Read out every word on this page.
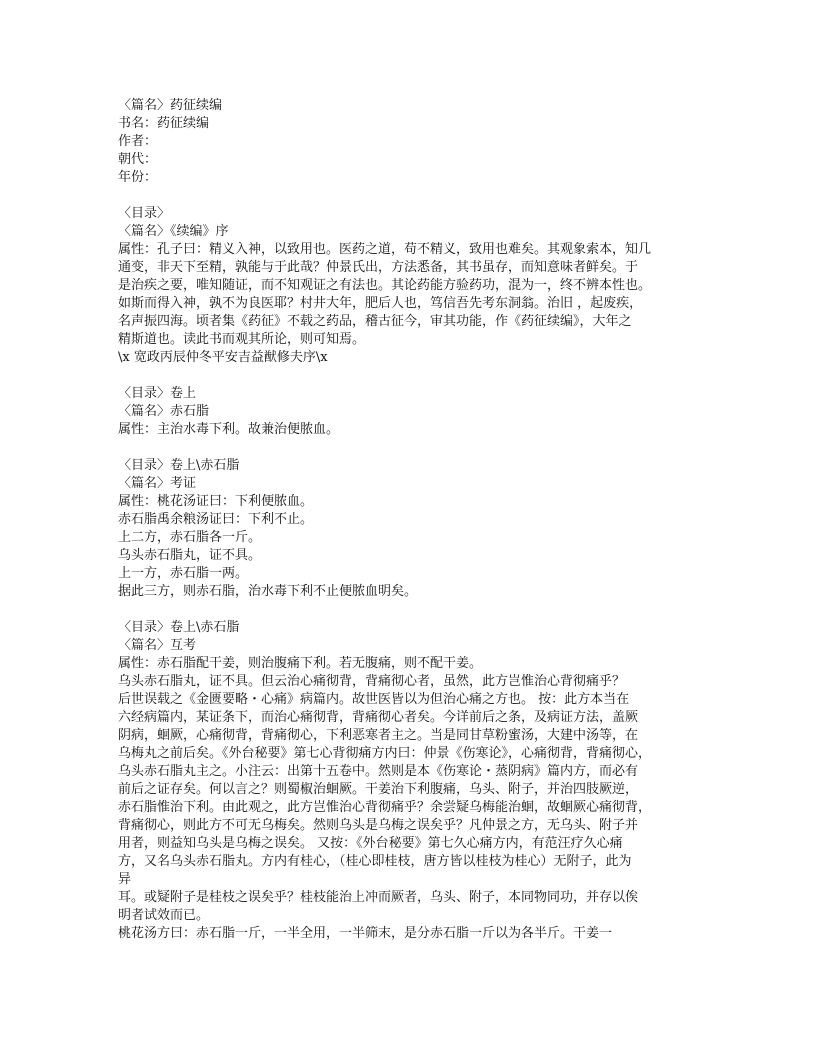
〈篇名〉药征续编
书名：药征续编
作者：
朝代：
年份：
〈目录〉
〈篇名〉《续编》序
属性：孔子曰：精义入神，以致用也。医药之道，苟不精义，致用也难矣。其观象索本，知几
通变，非天下至精，孰能与于此哉？仲景氏出，方法悉备，其书虽存，而知意味者鲜矣。于
是治疾之要，唯知随证，而不知观证之有法也。其论药能方验药功，混为一，终不辨本性也。
如斯而得入神，孰不为良医耶？村井大年，肥后人也，笃信吾先考东洞翁。治旧 ，起废疾，
名声振四海。顷者集《药征》不载之药品，稽古征今，审其功能，作《药征续编》，大年之
精斯道也。读此书而观其所论，则可知焉。
\x 宽政丙辰仲冬平安吉益猷修夫序\x
〈目录〉卷上
〈篇名〉赤石脂
属性：主治水毒下利。故兼治便脓血。
〈目录〉卷上\赤石脂
〈篇名〉考证
属性：桃花汤证曰：下利便脓血。
赤石脂禹余粮汤证曰：下利不止。
上二方，赤石脂各一斤。
乌头赤石脂丸，证不具。
上一方，赤石脂一两。
据此三方，则赤石脂，治水毒下利不止便脓血明矣。
〈目录〉卷上\赤石脂
〈篇名〉互考
属性：赤石脂配干姜，则治腹痛下利。若无腹痛，则不配干姜。
乌头赤石脂丸，证不具。但云治心痛彻背，背痛彻心者，虽然，此方岂惟治心背彻痛乎？
后世误载之《金匮要略・心痛》病篇内。故世医皆以为但治心痛之方也。 按：此方本当在
六经病篇内，某证条下，而治心痛彻背，背痛彻心者矣。今详前后之条，及病证方法，盖厥
阴病，蛔厥，心痛彻背，背痛彻心，下利恶寒者主之。当是同甘草粉蜜汤，大建中汤等，在
乌梅丸之前后矣。《外台秘要》第七心背彻痛方内曰：仲景《伤寒论》，心痛彻背，背痛彻心，
乌头赤石脂丸主之。小注云：出第十五卷中。然则是本《伤寒论・蒸阴病》篇内方，而必有
前后之证存矣。何以言之？则蜀椒治蛔厥。干姜治下利腹痛，乌头、附子，并治四肢厥逆，
赤石脂惟治下利。由此观之，此方岂惟治心背彻痛乎？余尝疑乌梅能治蛔，故蛔厥心痛彻背，
背痛彻心，则此方不可无乌梅矣。然则乌头是乌梅之误矣乎？凡仲景之方，无乌头、附子并
用者，则益知乌头是乌梅之误矣。 又按：《外台秘要》第七久心痛方内，有范汪疗久心痛
方，又名乌头赤石脂丸。方内有桂心，（桂心即桂枝，唐方皆以桂枝为桂心）无附子，此为
异
耳。或疑附子是桂枝之误矣乎？桂枝能治上冲而厥者，乌头、附子，本同物同功，并存以俟
明者试效而已。
桃花汤方曰：赤石脂一斤，一半全用，一半筛末，是分赤石脂一斤以为各半斤。干姜一
